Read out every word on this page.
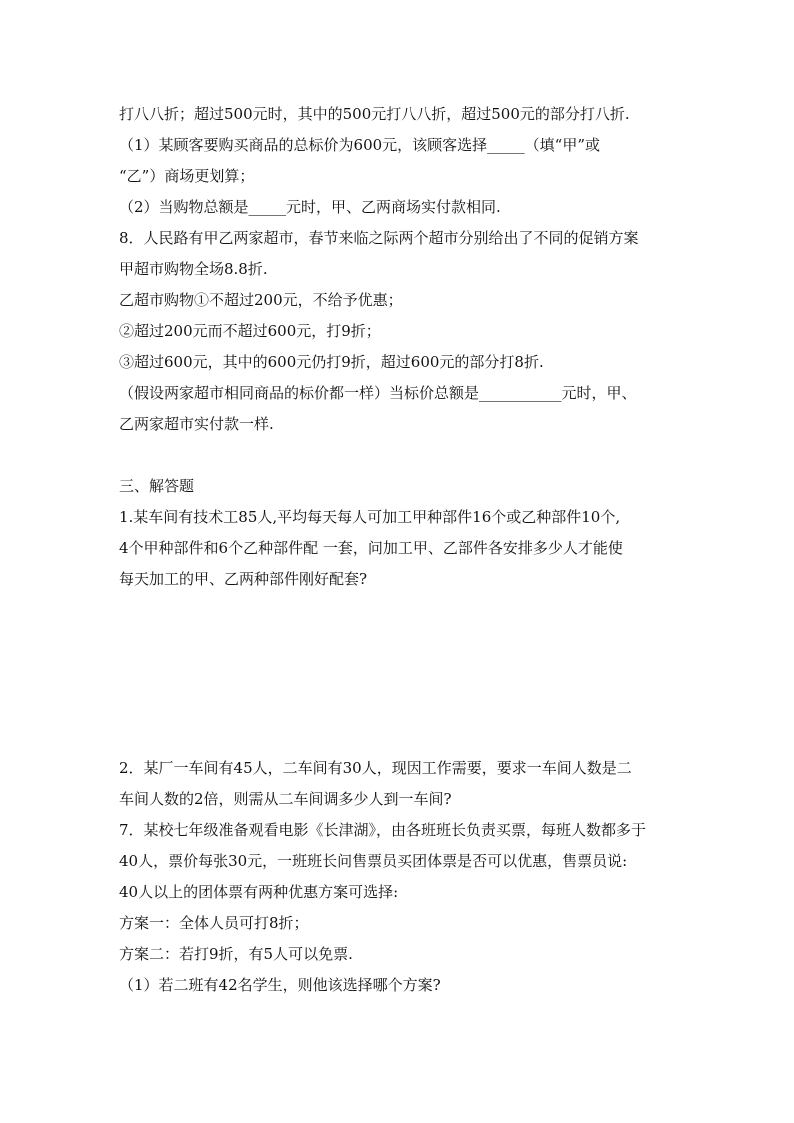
打八八折；超过500元时，其中的500元打八八折，超过500元的部分打八折.
（1）某顾客要购买商品的总标价为600元，该顾客选择_____（填“甲”或
“乙”）商场更划算；
（2）当购物总额是_____元时，甲、乙两商场实付款相同.
8．人民路有甲乙两家超市，春节来临之际两个超市分别给出了不同的促销方案
甲超市购物全场8.8折.
乙超市购物①不超过200元，不给予优惠；
②超过200元而不超过600元，打9折；
③超过600元，其中的600元仍打9折，超过600元的部分打8折.
（假设两家超市相同商品的标价都一样）当标价总额是___________元时，甲、
乙两家超市实付款一样.
三、解答题
1.某车间有技术工85人,平均每天每人可加工甲种部件16个或乙种部件10个,
4个甲种部件和6个乙种部件配 一套，问加工甲、乙部件各安排多少人才能使
每天加工的甲、乙两种部件刚好配套?
2．某厂一车间有45人，二车间有30人，现因工作需要，要求一车间人数是二
车间人数的2倍，则需从二车间调多少人到一车间?
7．某校七年级准备观看电影《长津湖》，由各班班长负责买票，每班人数都多于
40人，票价每张30元，一班班长问售票员买团体票是否可以优惠，售票员说:
40人以上的团体票有两种优惠方案可选择:
方案一：全体人员可打8折；
方案二：若打9折，有5人可以免票.
（1）若二班有42名学生，则他该选择哪个方案?
